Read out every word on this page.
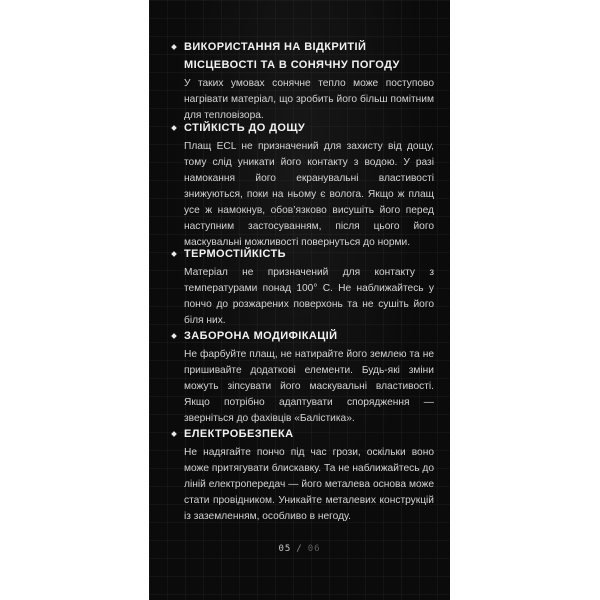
ВИКОРИСТАННЯ НА ВІДКРИТІЙ МІСЦЕВОСТІ ТА В СОНЯЧНУ ПОГОДУ
У таких умовах сонячне тепло може поступово нагрівати матеріал, що зробить його більш помітним для тепловізора.
СТІЙКІСТЬ ДО ДОЩУ
Плащ ECL не призначений для захисту від дощу, тому слід уникати його контакту з водою. У разі намокання його екранувальні властивості знижуються, поки на ньому є волога. Якщо ж плащ усе ж намокнув, обов’язково висушіть його перед наступним застосуванням, після цього його маскувальні можливості повернуться до норми.
ТЕРМОСТІЙКІСТЬ
Матеріал не призначений для контакту з температурами понад 100° С. Не наближайтесь у пончо до розжарених поверхонь та не сушіть його біля них.
ЗАБОРОНА МОДИФІКАЦІЙ
Не фарбуйте плащ, не натирайте його землею та не пришивайте додаткові елементи. Будь-які зміни можуть зіпсувати його маскувальні властивості. Якщо потрібно адаптувати спорядження — зверніться до фахівців «Балістика».
ЕЛЕКТРОБЕЗПЕКА
Не надягайте пончо під час грози, оскільки воно може притягувати блискавку. Та не наближайтесь до ліній електропередач — його металева основа може стати провідником. Уникайте металевих конструкцій із заземленням, особливо в негоду.
05 / 06
